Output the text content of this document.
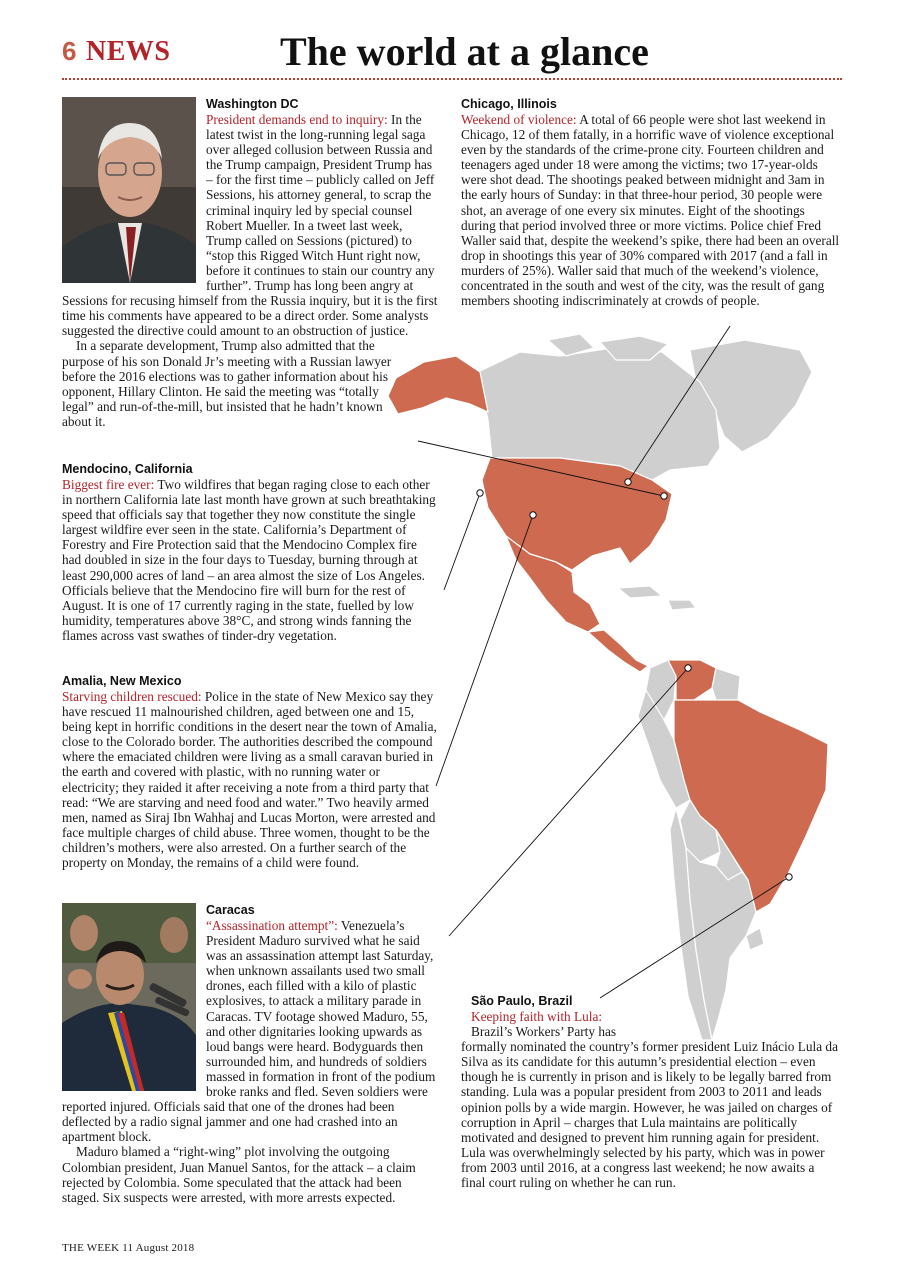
6 NEWS	The world at a glance
Washington DC

President demands end to inquiry: In the latest twist in the long-running legal saga over alleged collusion between Russia and the Trump campaign, President Trump has – for the first time – publicly called on Jeff Sessions, his attorney general, to scrap the criminal inquiry led by special counsel Robert Mueller. In a tweet last week, Trump called on Sessions (pictured) to “stop this Rigged Witch Hunt right now, before it continues to stain our country any further”. Trump has long been angry at Sessions for recusing himself from the Russia inquiry, but it is the first time his comments have appeared to be a direct order. Some analysts suggested the directive could amount to an obstruction of justice.

In a separate development, Trump also admitted that the purpose of his son Donald Jr’s meeting with a Russian lawyer before the 2016 elections was to gather information about his opponent, Hillary Clinton. He said the meeting was “totally legal” and run-of-the-mill, but insisted that he hadn’t known about it.

Chicago, Illinois

Weekend of violence: A total of 66 people were shot last weekend in Chicago, 12 of them fatally, in a horrific wave of violence exceptional even by the standards of the crime-prone city. Fourteen children and teenagers aged under 18 were among the victims; two 17-year-olds were shot dead. The shootings peaked between midnight and 3am in the early hours of Sunday: in that three-hour period, 30 people were shot, an average of one every six minutes. Eight of the shootings during that period involved three or more victims. Police chief Fred Waller said that, despite the weekend’s spike, there had been an overall drop in shootings this year of 30% compared with 2017 (and a fall in murders of 25%). Waller said that much of the weekend’s violence, concentrated in the south and west of the city, was the result of gang members shooting indiscriminately at crowds of people.

Mendocino, California

Biggest fire ever: Two wildfires that began raging close to each other in northern California late last month have grown at such breathtaking speed that officials say that together they now constitute the single largest wildfire ever seen in the state. California’s Department of Forestry and Fire Protection said that the Mendocino Complex fire had doubled in size in the four days to Tuesday, burning through at least 290,000 acres of land – an area almost the size of Los Angeles. Officials believe that the Mendocino fire will burn for the rest of August. It is one of 17 currently raging in the state, fuelled by low humidity, temperatures above 38°C, and strong winds fanning the flames across vast swathes of tinder-dry vegetation.

Amalia, New Mexico

Starving children rescued: Police in the state of New Mexico say they have rescued 11 malnourished children, aged between one and 15, being kept in horrific conditions in the desert near the town of Amalia, close to the Colorado border. The authorities described the compound where the emaciated children were living as a small caravan buried in the earth and covered with plastic, with no running water or electricity; they raided it after receiving a note from a third party that read: “We are starving and need food and water.” Two heavily armed men, named as Siraj Ibn Wahhaj and Lucas Morton, were arrested and face multiple charges of child abuse. Three women, thought to be the children’s mothers, were also arrested. On a further search of the property on Monday, the remains of a child were found.

Caracas

“Assassination attempt”: Venezuela’s President Maduro survived what he said was an assassination attempt last Saturday, when unknown assailants used two small drones, each filled with a kilo of plastic explosives, to attack a military parade in Caracas. TV footage showed Maduro, 55, and other dignitaries looking upwards as loud bangs were heard. Bodyguards then surrounded him, and hundreds of soldiers massed in formation in front of the podium broke ranks and fled. Seven soldiers were reported injured. Officials said that one of the drones had been deflected by a radio signal jammer and one had crashed into an apartment block.

Maduro blamed a “right-wing” plot involving the outgoing Colombian president, Juan Manuel Santos, for the attack – a claim rejected by Colombia. Some speculated that the attack had been staged. Six suspects were arrested, with more arrests expected.

São Paulo, Brazil

Keeping faith with Lula: Brazil’s Workers’ Party has formally nominated the country’s former president Luiz Inácio Lula da Silva as its candidate for this autumn’s presidential election – even though he is currently in prison and is likely to be legally barred from standing. Lula was a popular president from 2003 to 2011 and leads opinion polls by a wide margin. However, he was jailed on charges of corruption in April – charges that Lula maintains are politically motivated and designed to prevent him running again for president. Lula was overwhelmingly selected by his party, which was in power from 2003 until 2016, at a congress last weekend; he now awaits a final court ruling on whether he can run.

THE WEEK 11 August 2018
